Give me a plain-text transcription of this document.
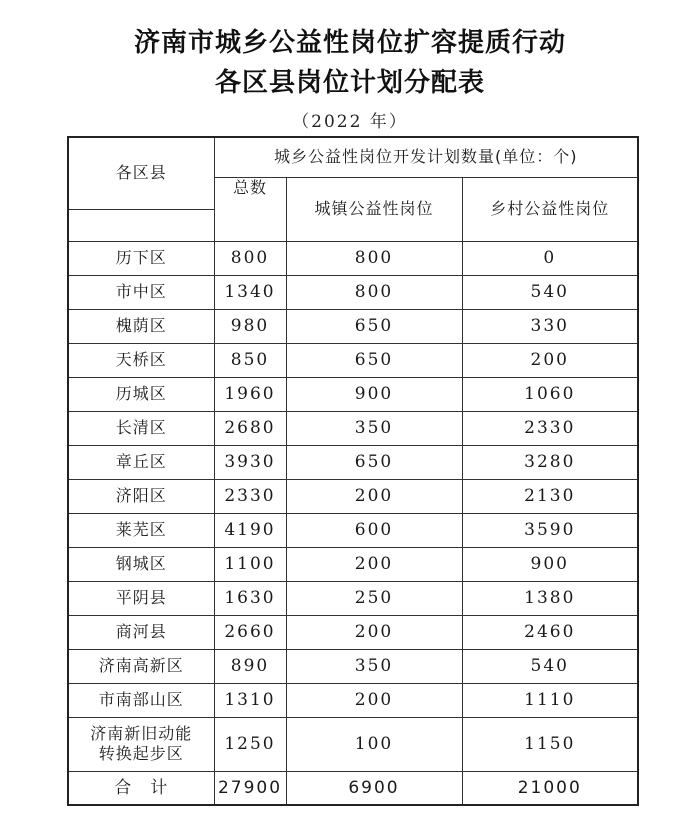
济南市城乡公益性岗位扩容提质行动
各区县岗位计划分配表
（2022 年）
各区县	城乡公益性岗位开发计划数量(单位：个)		
	总数	城镇公益性岗位	乡村公益性岗位

历下区	800	800	0
市中区	1340	800	540
槐荫区	980	650	330
天桥区	850	650	200
历城区	1960	900	1060
长清区	2680	350	2330
章丘区	3930	650	3280
济阳区	2330	200	2130
莱芜区	4190	600	3590
钢城区	1100	200	900
平阴县	1630	250	1380
商河县	2660	200	2460
济南高新区	890	350	540
市南部山区	1310	200	1110

济南新旧动能
转换起步区	1250	100	1150
合　计	27900	6900	21000
